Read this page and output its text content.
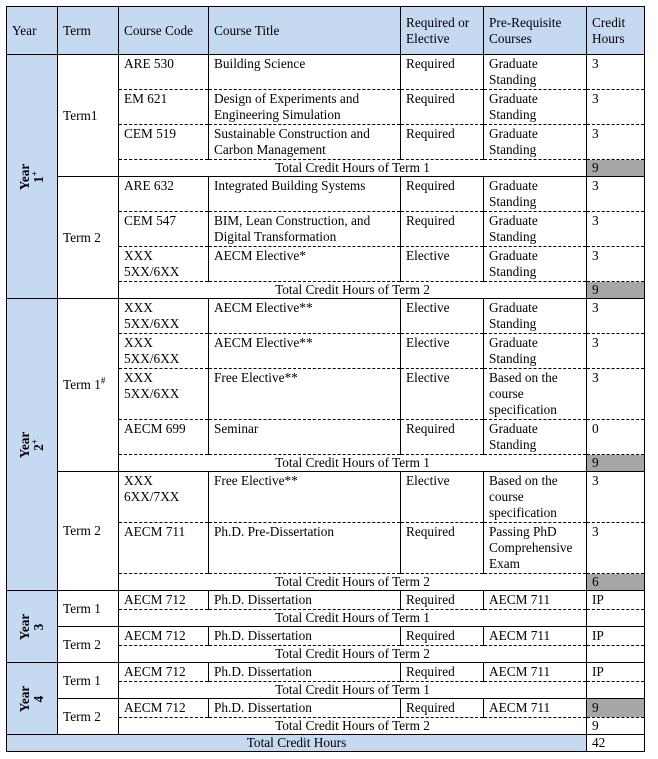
Year	Term	Course Code	Course Title	Required or Elective	Pre-Requisite Courses	Credit Hours

Year
1+	Term1	ARE 530	Building Science	Required	Graduate Standing	3
		EM 621	Design of Experiments and Engineering Simulation	Required	Graduate Standing	3
		CEM 519	Sustainable Construction and Carbon Management	Required	Graduate Standing	3
		Total Credit Hours of Term 1				9
	Term 2	ARE 632	Integrated Building Systems	Required	Graduate Standing	3
		CEM 547	BIM, Lean Construction, and Digital Transformation	Required	Graduate Standing	3
		XXX 5XX/6XX	AECM Elective*	Elective	Graduate Standing	3
		Total Credit Hours of Term 2				9

Year
2+	Term 1#	XXX 5XX/6XX	AECM Elective**	Elective	Graduate Standing	3
		XXX 5XX/6XX	AECM Elective**	Elective	Graduate Standing	3
		XXX 5XX/6XX	Free Elective**	Elective	Based on the course specification	3
		AECM 699	Seminar	Required	Graduate Standing	0
		Total Credit Hours of Term 1				9
	Term 2	XXX 6XX/7XX	Free Elective**	Elective	Based on the course specification	3
		AECM 711	Ph.D. Pre-Dissertation	Required	Passing PhD Comprehensive Exam	3
		Total Credit Hours of Term 2				6

Year
3	Term 1	AECM 712	Ph.D. Dissertation	Required	AECM 711	IP
		Total Credit Hours of Term 1				
	Term 2	AECM 712	Ph.D. Dissertation	Required	AECM 711	IP
		Total Credit Hours of Term 2				

Year
4	Term 1	AECM 712	Ph.D. Dissertation	Required	AECM 711	IP
		Total Credit Hours of Term 1				
	Term 2	AECM 712	Ph.D. Dissertation	Required	AECM 711	9
		Total Credit Hours of Term 2				9
Total Credit Hours						42
